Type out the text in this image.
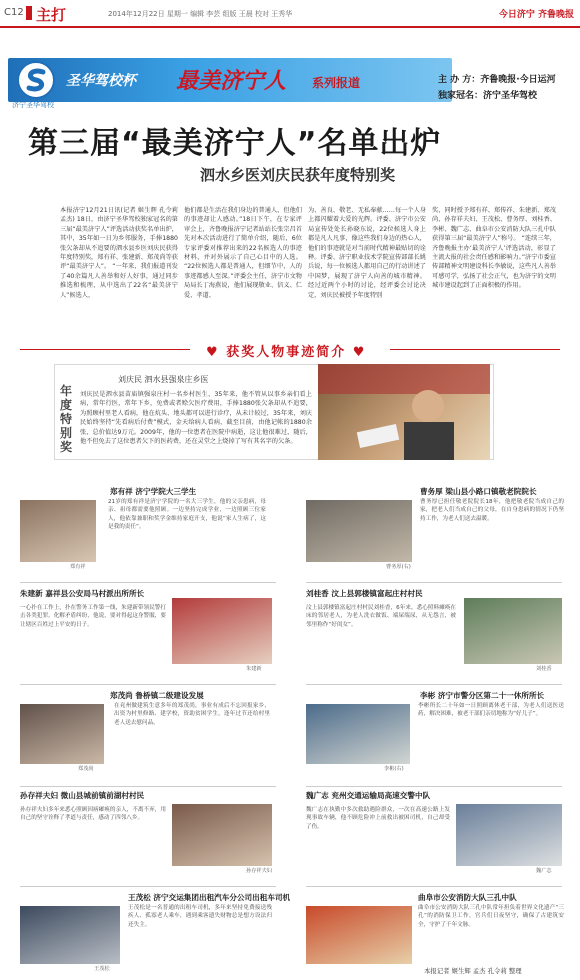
C12 主打	2014年12月22日 星期一 编辑 李芸 组版 王晨 校对 王秀华	今日济宁 齐鲁晚报
济宁圣华驾校
圣华驾校杯 最美济宁人 系列报道	主 办 方：齐鲁晚报·今日运河
独家冠名：济宁圣华驾校
第三届“最美济宁人”名单出炉
泗水乡医刘庆民获年度特别奖
本报济宁12月21日讯(记者 姬生辉 孔令莉 孟杰) 18日，由济宁圣华驾校独家冠名的第三届“最美济宁人”评选活动获奖名单出炉，其中，35年如一日为乡邻服务，手捧1880张欠条却从不追要的泗水县乡医刘庆民获得年度特别奖，郑有祥、张建新、郑茂尚等获评“最美济宁人”。 “一年来，我们报道刊发了40余篇凡人善举和好人好事，通过同步推选和梳理，从中选出了22名“最美济宁人”候选人，
他们都是生活在我们身边的普通人，但他们的事迹却让人感动。”18日下午，在专家评审会上，齐鲁晚报济宁记者站站长张宗昌首先对本次活动进行了简单介绍，随后，6位专家评委对推荐出来的22名候选人的事迹材料，并对外展示了自己心目中的人选。 “22位候选人都是普通人，但细节中，人的事迹都感人至深。”评委会主任，济宁市文物局局长丁海燕说，他们展现敬业、信义、仁爱、孝道、
为、善良、敬老、无私奉献……每一个人身上都闪耀着大爱的光辉。评委、济宁市公安局宣传处处长孙晓东说，22位候选人身上都是凡人凡事，像这些我们身边的热心人，他们的事迹就是对当前时代精神最贴切的诠释。评委、济宁职业技术学院宣传部部长姚兵说，每一位候选人都用自己的行动讲述了中国梦，展现了济宁人向善的城市精神。 经过近两个小时的讨论，经评委会讨论决定，刘庆民被授予年度特别
奖，同时授予郑有祥、郑传祥、朱建新、郑茂尚、孙存祥夫妇、王茂松、曹务厚、刘桂香、李彬、魏广志、曲阜市公安消防大队三孔中队获得第三届“最美济宁人”称号。 “连续三年，齐鲁晚报主办‘最美济宁人’评选活动，彰显了主流大报的社会责任感和影响力。”济宁市委宣传部精神文明建设科长李敏说，这些凡人善举可感可学，弘扬了社会正气，也为济宁的文明城市建设起到了正面积极的作用。
♥ 获奖人物事迹简介 ♥
年度特别奖
刘庆民 泗水县强泉庄乡医
刘庆民是泗水县苗庙镇强泉庄村一名乡村医生，35年来，他不管从以事乡亲们看上病，常年行医，常年下乡，免费或者赊欠医疗费用，手捧1880张欠条却从不追要，为照顾村里老人看病，他在炕头、地头都可以进行诊疗，从未计较过，35年来，刘庆民始终坚持“先看病后付费”模式，金天给病人看病，截至目前，由他记帐的1880余张，总价值达9万元。2009年，他的一位患者在医院中病逝，这让他很难过，随后，他不但免去了这位患者欠下的医药费，还在灵堂之上烧掉了写有其名字的欠条。
郑有祥 济宁学院大三学生
21岁的郑有祥是济宁学院的一名大三学生，他的父亲患病，母亲、祖母都需要他照顾。一边坚持完成学业，一边照顾三位家人，他依靠兼职和奖学金维持家庭开支，他说“家人生病了，这是我的责任”。
郑有祥
曹务厚 梁山县小路口镇敬老院院长
曹务厚已担任敬老院院长18年，他把敬老院当成自己的家，把老人们当成自己的父母，在自身患病的情况下仍坚持工作，为老人们送去温暖。
曹务厚(右)
朱建新 嘉祥县公安局马村派出所所长
一心扑在工作上，扑在警务工作第一线，朱建新带领民警打击各类犯罪，化解矛盾纠纷，他说，要对得起这身警服，要让辖区百姓过上平安的日子。
朱建新
刘桂香 汶上县郭楼镇富起庄村村民
汶上县郭楼镇富起庄村村民刘桂香，6年来，悉心照料瘫痪在床的邻居老人，为老人洗衣做饭、端屎端尿，从无怨言，被邻里称作“好闺女”。
刘桂香
郑茂尚 鲁桥镇二级建设发展
在兖州做建筑生意多年的郑茂尚，事业有成后不忘回报家乡，出资为村里修路、建学校，资助贫困学生，逢年过节还给村里老人送去慰问品。
郑茂尚
李彬 济宁市警分区第二十一休所所长
李彬所长二十年如一日照顾离休老干部，为老人们送医送药，解决困难，被老干部们亲切地称为“好儿子”。
李彬(右)
孙存祥夫妇 微山县城前镇前湖村村民
孙存祥夫妇多年来悉心照顾因病瘫痪的亲人，不离不弃，用自己的坚守诠释了孝道与责任，感动了四邻八乡。
孙存祥夫妇
魏广志 兖州交通运输局高速交警中队
魏广志在执勤中多次救助遇险群众，一次在高速公路上发现事故车辆，他不顾危险冲上前救出被困司机，自己却受了伤。
魏广志
王茂松 济宁交运集团出租汽车分公司出租车司机
王茂松是一名普通的出租车司机，多年来坚持免费接送残疾人、孤寡老人乘车，遇到乘客遗失财物总是想方设法归还失主。
王茂松
曲阜市公安消防大队三孔中队
曲阜市公安消防大队三孔中队常年担负着世界文化遗产“三孔”的消防保卫工作，官兵们日夜坚守，确保了古建筑安全，守护了千年文脉。
本报记者 姬生辉 孟杰 孔令莉 整理
